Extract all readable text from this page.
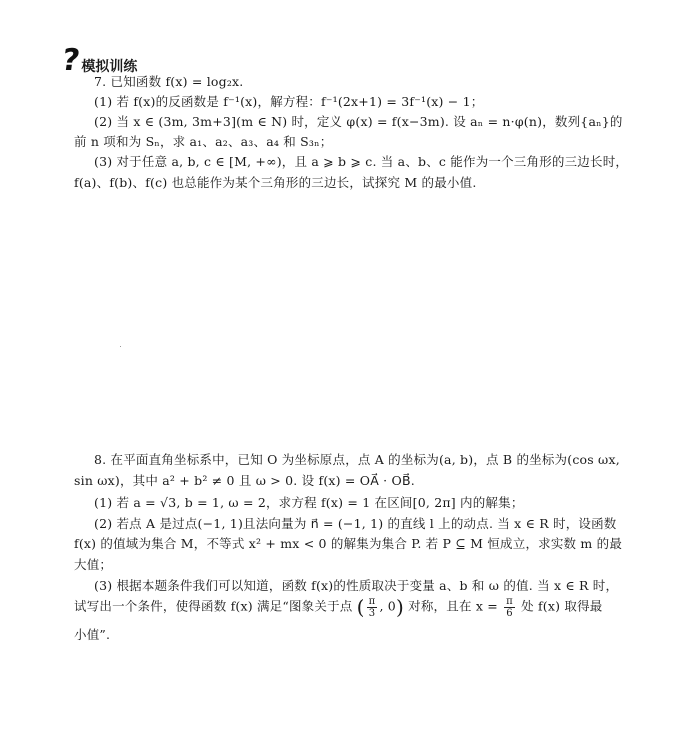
? 模拟训练
7. 已知函数 f(x) = log₂x.
(1) 若 f(x)的反函数是 f⁻¹(x)，解方程：f⁻¹(2x+1) = 3f⁻¹(x) − 1；
(2) 当 x ∈ (3m, 3m+3](m ∈ N) 时，定义 φ(x) = f(x−3m). 设 aₙ = n·φ(n)，数列{aₙ}的
前 n 项和为 Sₙ，求 a₁、a₂、a₃、a₄ 和 S₃ₙ；
(3) 对于任意 a, b, c ∈ [M, +∞)，且 a ⩾ b ⩾ c. 当 a、b、c 能作为一个三角形的三边长时，
f(a)、f(b)、f(c) 也总能作为某个三角形的三边长，试探究 M 的最小值.
8. 在平面直角坐标系中，已知 O 为坐标原点，点 A 的坐标为(a, b)，点 B 的坐标为(cos ωx,
sin ωx)，其中 a² + b² ≠ 0 且 ω > 0. 设 f(x) = OA⃗ · OB⃗.
(1) 若 a = √3, b = 1, ω = 2，求方程 f(x) = 1 在区间[0, 2π] 内的解集；
(2) 若点 A 是过点(−1, 1)且法向量为 n⃗ = (−1, 1) 的直线 l 上的动点. 当 x ∈ R 时，设函数
f(x) 的值域为集合 M，不等式 x² + mx < 0 的解集为集合 P. 若 P ⊆ M 恒成立，求实数 m 的最
大值；
(3) 根据本题条件我们可以知道，函数 f(x)的性质取决于变量 a、b 和 ω 的值. 当 x ∈ R 时，
试写出一个条件，使得函数 f(x) 满足“图象关于点 ( $\frac{\pi}{3}$ , 0) 对称，且在 $x = \frac{\pi}{6}$ 处 f(x) 取得最
小值”.
